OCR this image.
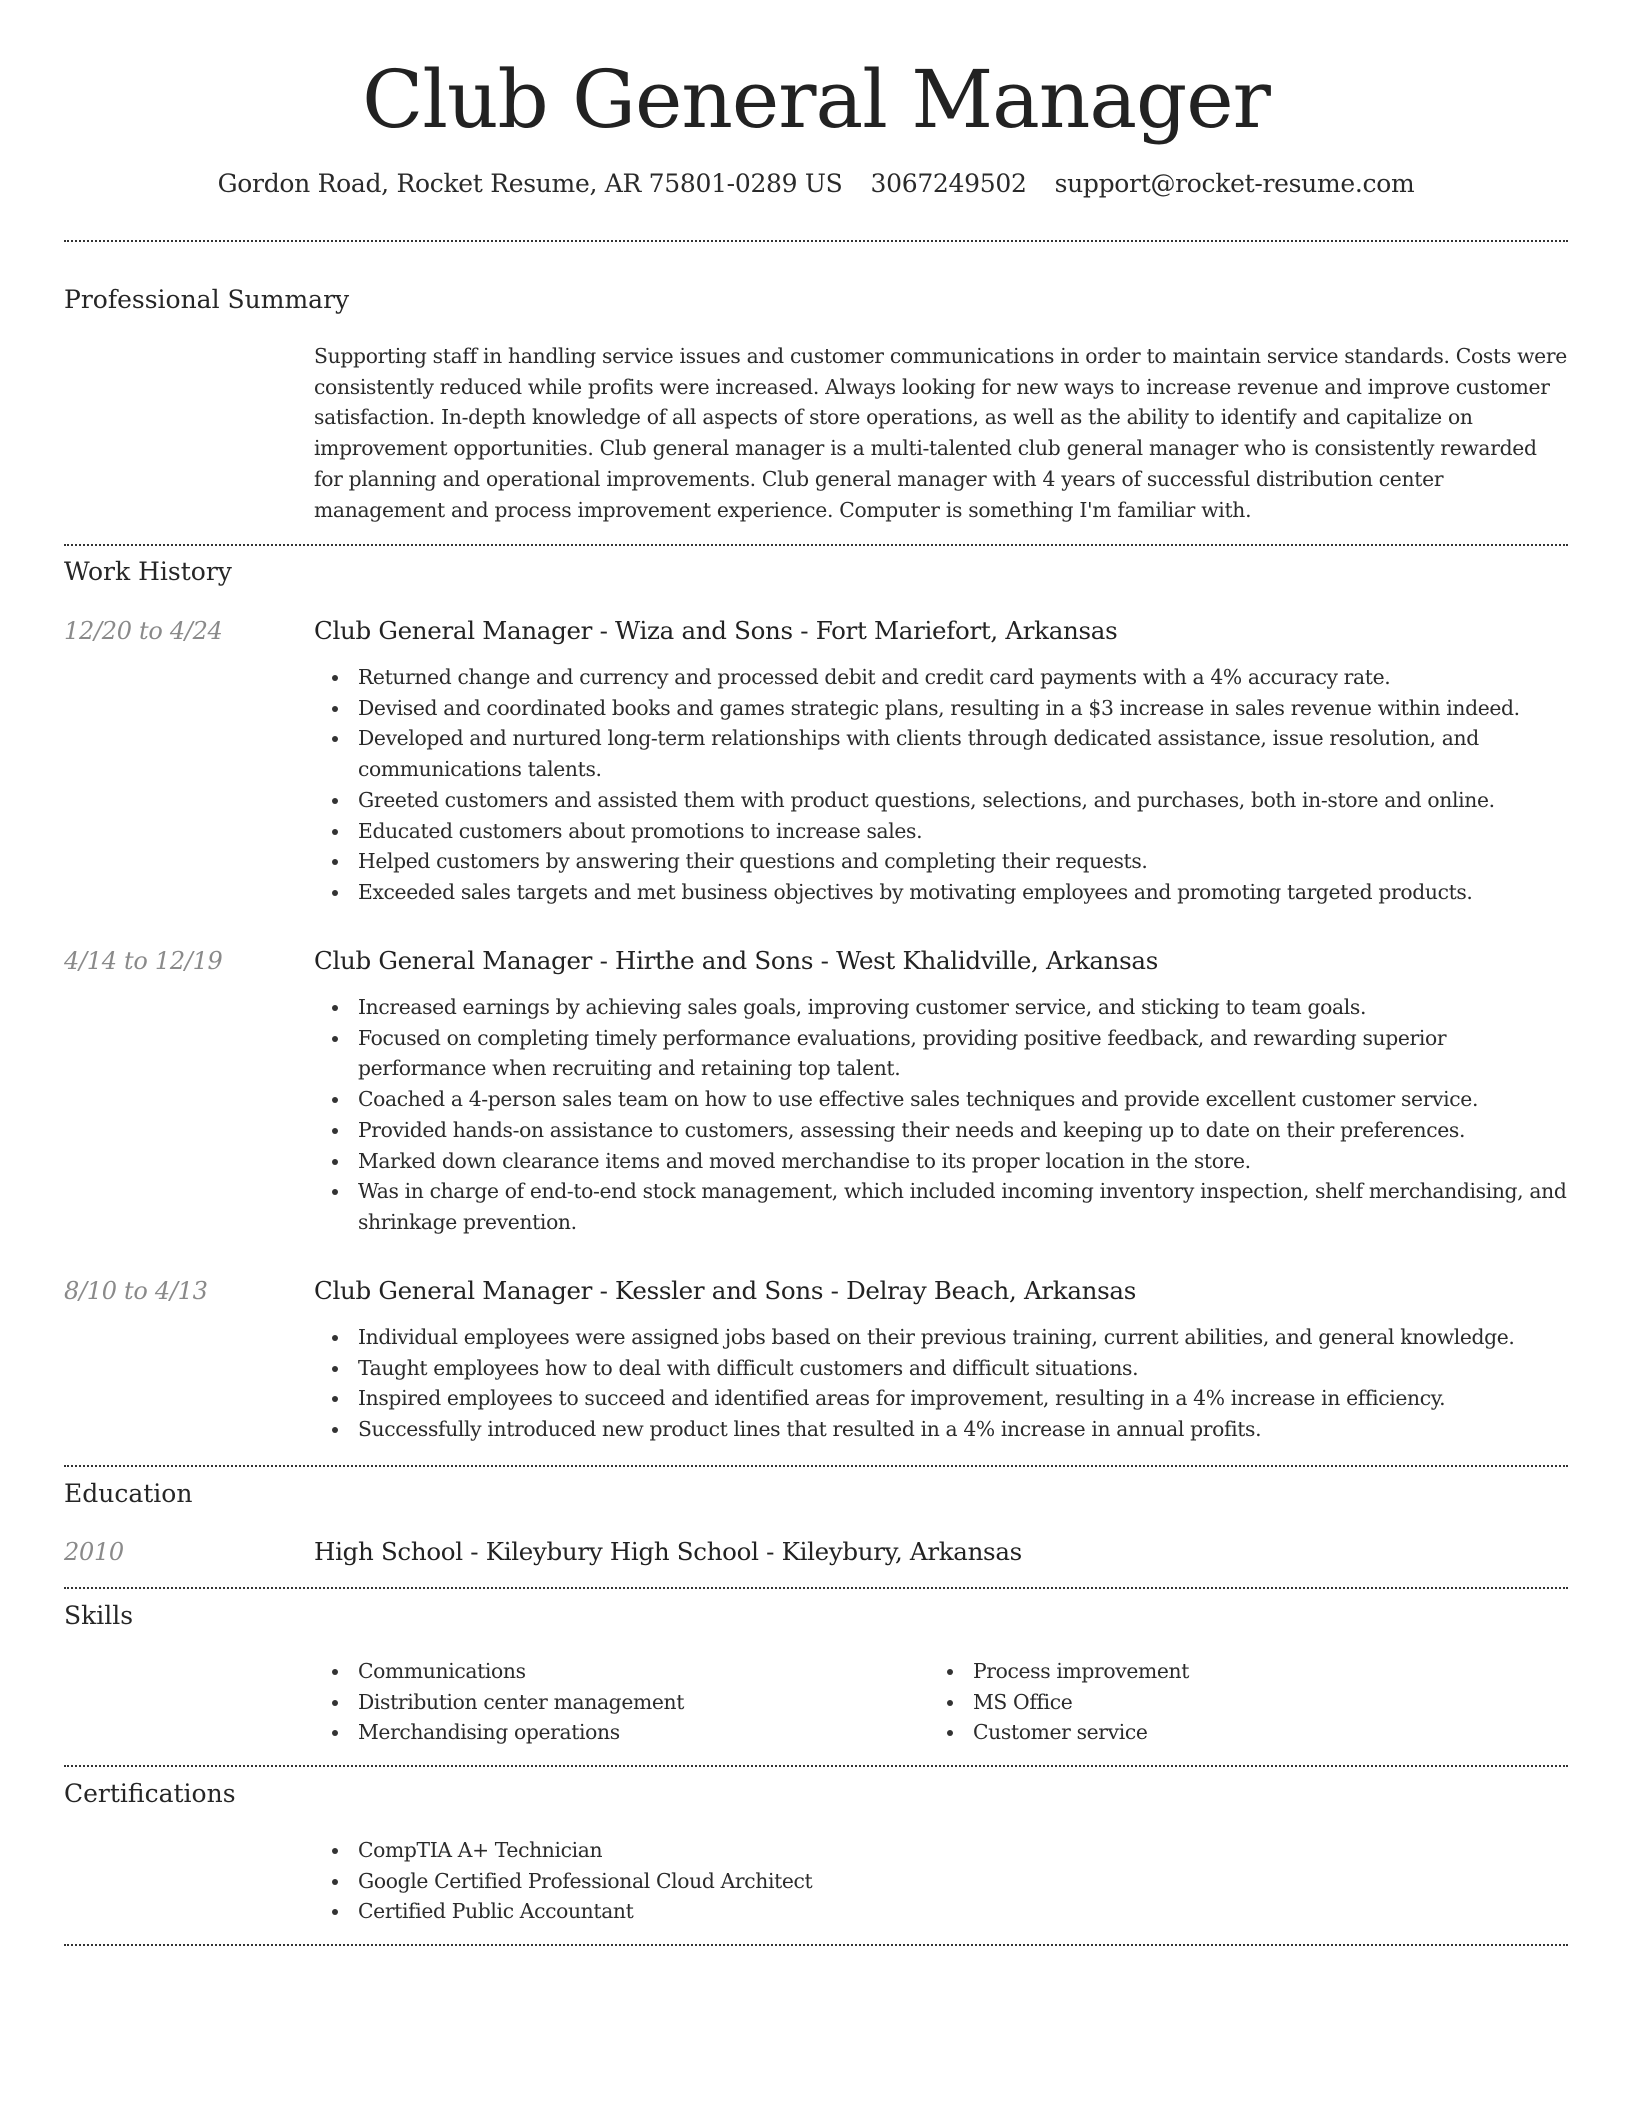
Club General Manager
Gordon Road, Rocket Resume, AR 75801-0289 US 3067249502 support@rocket-resume.com
Professional Summary

Supporting staff in handling service issues and customer communications in order to maintain service standards. Costs were consistently reduced while profits were increased. Always looking for new ways to increase revenue and improve customer satisfaction. In-depth knowledge of all aspects of store operations, as well as the ability to identify and capitalize on improvement opportunities. Club general manager is a multi-talented club general manager who is consistently rewarded for planning and operational improvements. Club general manager with 4 years of successful distribution center management and process improvement experience. Computer is something I'm familiar with.

Work History
12/20 to 4/24	Club General Manager - Wiza and Sons - Fort Mariefort, Arkansas
Returned change and currency and processed debit and credit card payments with a 4% accuracy rate.
Devised and coordinated books and games strategic plans, resulting in a $3 increase in sales revenue within indeed.
Developed and nurtured long-term relationships with clients through dedicated assistance, issue resolution, and communications talents.
Greeted customers and assisted them with product questions, selections, and purchases, both in-store and online.
Educated customers about promotions to increase sales.
Helped customers by answering their questions and completing their requests.
Exceeded sales targets and met business objectives by motivating employees and promoting targeted products.
4/14 to 12/19	Club General Manager - Hirthe and Sons - West Khalidville, Arkansas
Increased earnings by achieving sales goals, improving customer service, and sticking to team goals.
Focused on completing timely performance evaluations, providing positive feedback, and rewarding superior performance when recruiting and retaining top talent.
Coached a 4-person sales team on how to use effective sales techniques and provide excellent customer service.
Provided hands-on assistance to customers, assessing their needs and keeping up to date on their preferences.
Marked down clearance items and moved merchandise to its proper location in the store.
Was in charge of end-to-end stock management, which included incoming inventory inspection, shelf merchandising, and shrinkage prevention.
8/10 to 4/13	Club General Manager - Kessler and Sons - Delray Beach, Arkansas
Individual employees were assigned jobs based on their previous training, current abilities, and general knowledge.
Taught employees how to deal with difficult customers and difficult situations.
Inspired employees to succeed and identified areas for improvement, resulting in a 4% increase in efficiency.
Successfully introduced new product lines that resulted in a 4% increase in annual profits.
Education
2010	High School - Kileybury High School - Kileybury, Arkansas
Skills
Communications
Distribution center management
Merchandising operations
Process improvement
MS Office
Customer service
Certifications
CompTIA A+ Technician
Google Certified Professional Cloud Architect
Certified Public Accountant
